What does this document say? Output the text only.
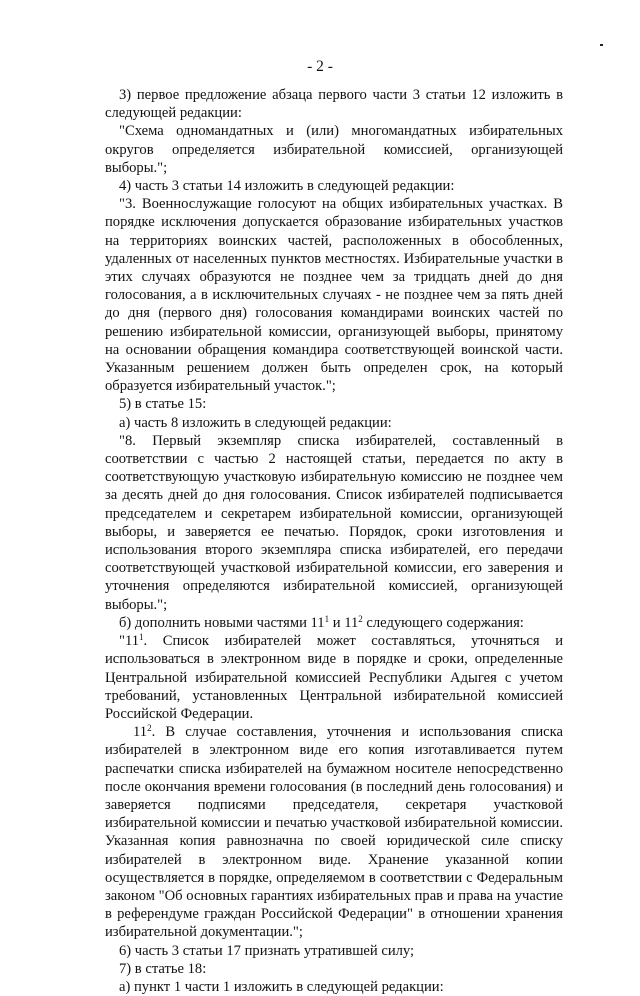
- 2 -

3) первое предложение абзаца первого части 3 статьи 12 изложить в следующей редакции:

"Схема одномандатных и (или) многомандатных избирательных округов определяется избирательной комиссией, организующей выборы.";

4) часть 3 статьи 14 изложить в следующей редакции:

"3. Военнослужащие голосуют на общих избирательных участках. В порядке исключения допускается образование избирательных участков на территориях воинских частей, расположенных в обособленных, удаленных от населенных пунктов местностях. Избирательные участки в этих случаях образуются не позднее чем за тридцать дней до дня голосования, а в исключительных случаях - не позднее чем за пять дней до дня (первого дня) голосования командирами воинских частей по решению избирательной комиссии, организующей выборы, принятому на основании обращения командира соответствующей воинской части. Указанным решением должен быть определен срок, на который образуется избирательный участок.";

5) в статье 15:

а) часть 8 изложить в следующей редакции:

"8. Первый экземпляр списка избирателей, составленный в соответствии с частью 2 настоящей статьи, передается по акту в соответствующую участковую избирательную комиссию не позднее чем за десять дней до дня голосования. Список избирателей подписывается председателем и секретарем избирательной комиссии, организующей выборы, и заверяется ее печатью. Порядок, сроки изготовления и использования второго экземпляра списка избирателей, его передачи соответствующей участковой избирательной комиссии, его заверения и уточнения определяются избирательной комиссией, организующей выборы.";

б) дополнить новыми частями $11^1$ и $11^2$ следующего содержания:

"$11^1$. Список избирателей может составляться, уточняться и использоваться в электронном виде в порядке и сроки, определенные Центральной избирательной комиссией Республики Адыгея с учетом требований, установленных Центральной избирательной комиссией Российской Федерации.

$11^2$. В случае составления, уточнения и использования списка избирателей в электронном виде его копия изготавливается путем распечатки списка избирателей на бумажном носителе непосредственно после окончания времени голосования (в последний день голосования) и заверяется подписями председателя, секретаря участковой избирательной комиссии и печатью участковой избирательной комиссии. Указанная копия равнозначна по своей юридической силе списку избирателей в электронном виде. Хранение указанной копии осуществляется в порядке, определяемом в соответствии с Федеральным законом "Об основных гарантиях избирательных прав и права на участие в референдуме граждан Российской Федерации" в отношении хранения избирательной документации.";

6) часть 3 статьи 17 признать утратившей силу;

7) в статье 18:

а) пункт 1 части 1 изложить в следующей редакции:
